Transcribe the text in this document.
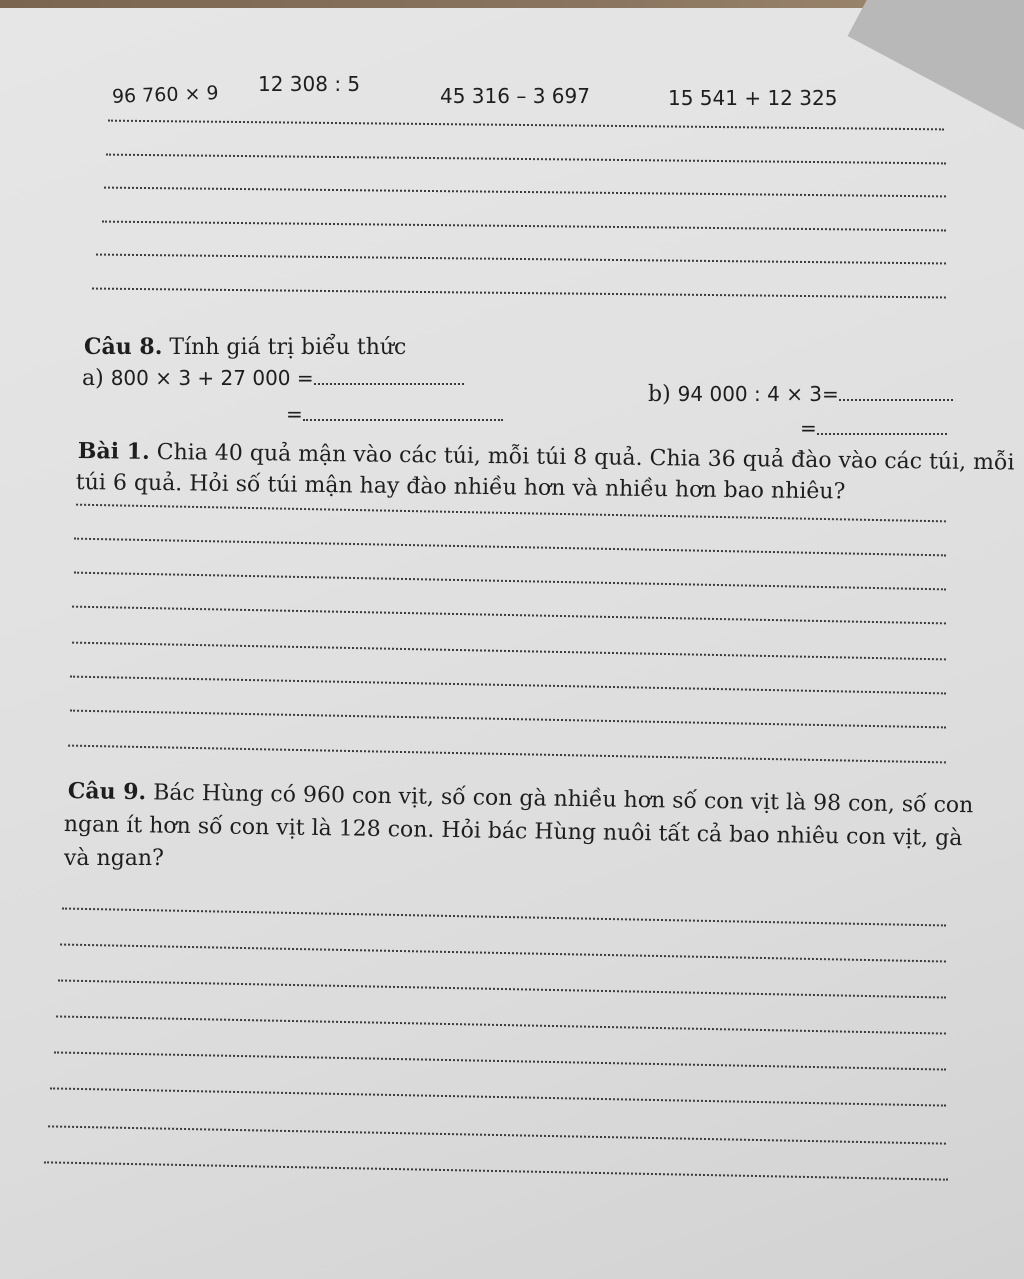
96 760 × 9 12 308 : 5	45 316 – 3 697	15 541 + 12 325
Câu 8. Tính giá trị biểu thức
a) 800 × 3 + 27 000 =
=
b) 94 000 : 4 × 3=
=
Bài 1. Chia 40 quả mận vào các túi, mỗi túi 8 quả. Chia 36 quả đào vào các túi, mỗi
túi 6 quả. Hỏi số túi mận hay đào nhiều hơn và nhiều hơn bao nhiêu?
Câu 9. Bác Hùng có 960 con vịt, số con gà nhiều hơn số con vịt là 98 con, số con
ngan ít hơn số con vịt là 128 con. Hỏi bác Hùng nuôi tất cả bao nhiêu con vịt, gà
và ngan?
